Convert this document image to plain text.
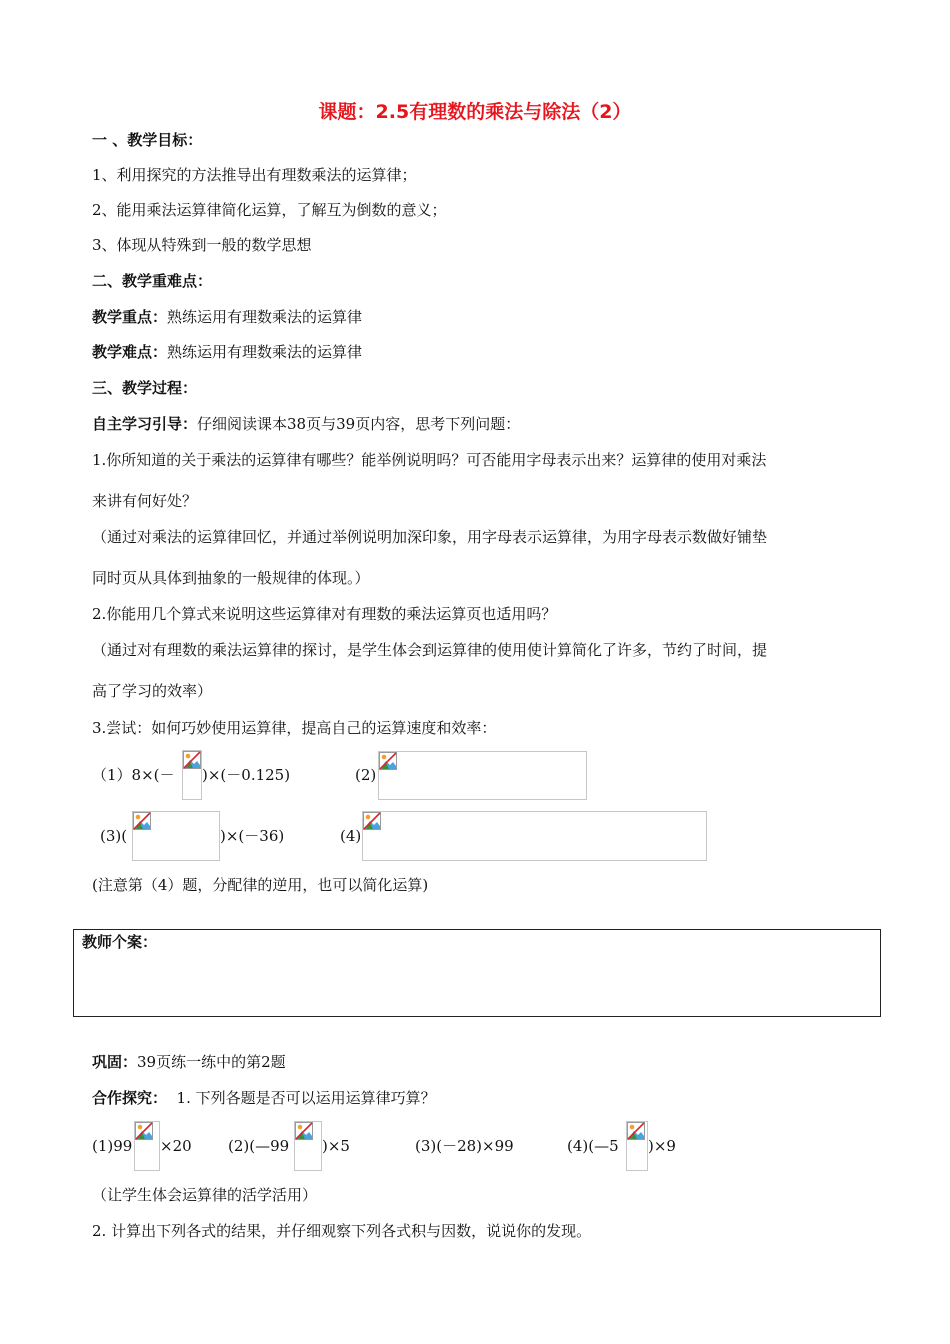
课题：2.5有理数的乘法与除法（2）
一 、教学目标：
1、利用探究的方法推导出有理数乘法的运算律；
2、能用乘法运算律简化运算，了解互为倒数的意义；
3、体现从特殊到一般的数学思想
二、教学重难点：
教学重点：熟练运用有理数乘法的运算律
教学难点：熟练运用有理数乘法的运算律
三、教学过程：
自主学习引导：仔细阅读课本38页与39页内容，思考下列问题：
1.你所知道的关于乘法的运算律有哪些？能举例说明吗？可否能用字母表示出来？运算律的使用对乘法
来讲有何好处？
（通过对乘法的运算律回忆，并通过举例说明加深印象，用字母表示运算律，为用字母表示数做好铺垫
同时页从具体到抽象的一般规律的体现。）
2.你能用几个算式来说明这些运算律对有理数的乘法运算页也适用吗？
（通过对有理数的乘法运算律的探讨，是学生体会到运算律的使用使计算简化了许多，节约了时间，提
高了学习的效率）
3.尝试：如何巧妙使用运算律，提高自己的运算速度和效率：
（1）8×(－ )×(－0.125)	(2)
(3)(	)×(－36)	(4)
(注意第（4）题，分配律的逆用，也可以简化运算)
教师个案：
巩固：39页练一练中的第2题
合作探究：  1. 下列各题是否可以运用运算律巧算？
(1)99 ×20 (2)(—99 )×5	(3)(－28)×99	(4)(—5 )×9
（让学生体会运算律的活学活用）
2. 计算出下列各式的结果，并仔细观察下列各式积与因数，说说你的发现。
